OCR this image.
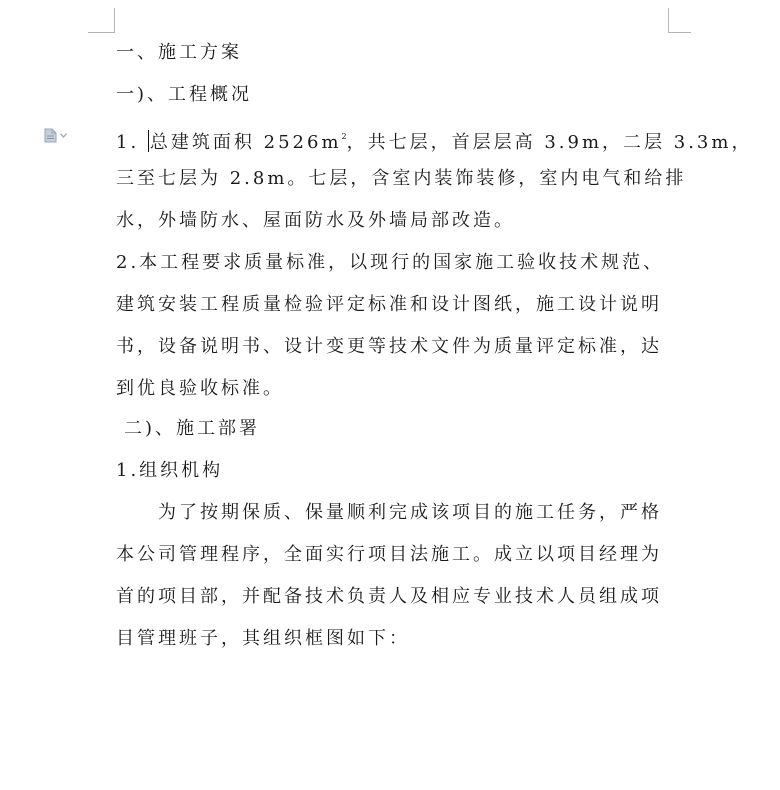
一、施工方案
一)、工程概况
1. 总建筑面积 $2526m^2$，共七层，首层层高 3.9m，二层 3.3m，
三至七层为 2.8m。七层，含室内装饰装修，室内电气和给排
水，外墙防水、屋面防水及外墙局部改造。
2.本工程要求质量标准，以现行的国家施工验收技术规范、
建筑安装工程质量检验评定标准和设计图纸，施工设计说明
书，设备说明书、设计变更等技术文件为质量评定标准，达
到优良验收标准。
二)、施工部署
1.组织机构
为了按期保质、保量顺利完成该项目的施工任务，严格
本公司管理程序，全面实行项目法施工。成立以项目经理为
首的项目部，并配备技术负责人及相应专业技术人员组成项
目管理班子，其组织框图如下：
